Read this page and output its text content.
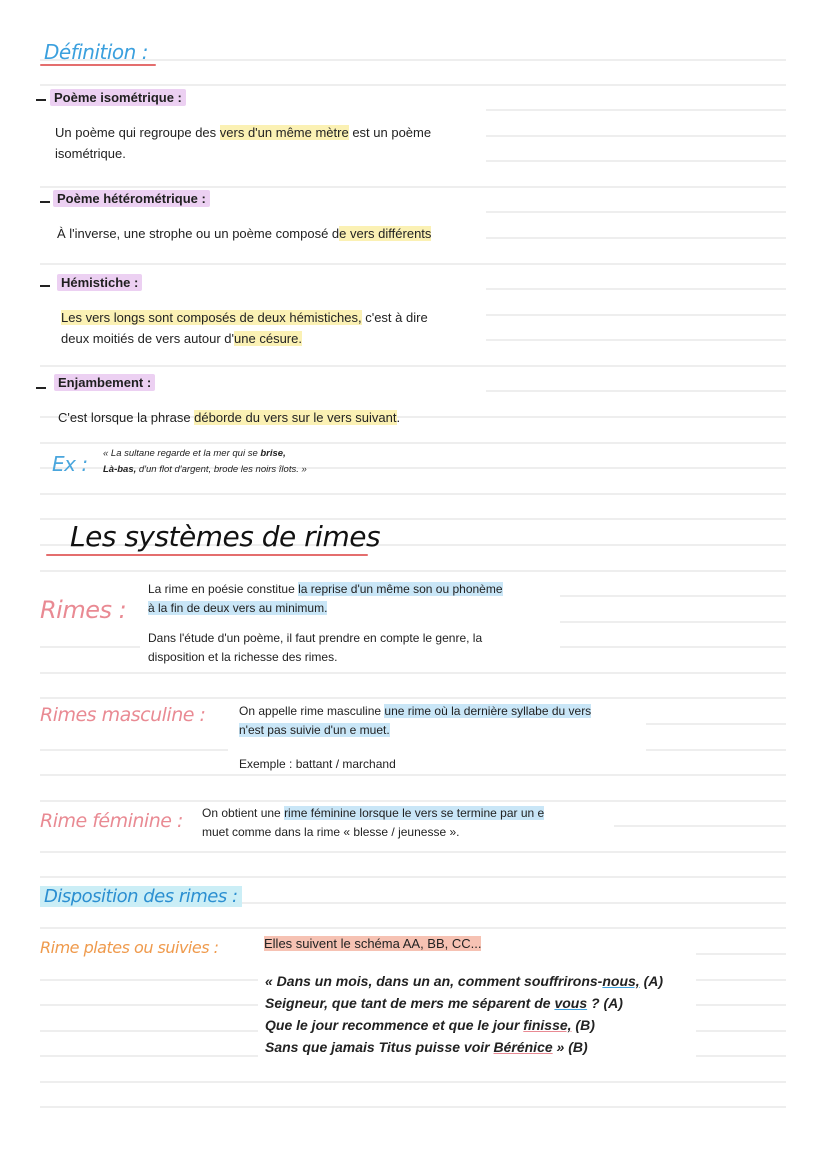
Définition :
Poème isométrique :
Un poème qui regroupe des vers d'un même mètre est un poème
isométrique.
Poème hétérométrique :
À l'inverse, une strophe ou un poème composé de vers différents
Hémistiche :
Les vers longs sont composés de deux hémistiches, c'est à dire
deux moitiés de vers autour d'une césure.
Enjambement :
C'est lorsque la phrase déborde du vers sur le vers suivant.
Ex : « La sultane regarde et la mer qui se brise,
Là-bas, d'un flot d'argent, brode les noirs îlots. »
Les systèmes de rimes
Rimes :
La rime en poésie constitue la reprise d'un même son ou phonème
à la fin de deux vers au minimum.
Dans l'étude d'un poème, il faut prendre en compte le genre, la
disposition et la richesse des rimes.
Rimes masculine :	On appelle rime masculine une rime où la dernière syllabe du vers
n'est pas suivie d'un e muet.
Exemple : battant / marchand
Rime féminine : On obtient une rime féminine lorsque le vers se termine par un e
muet comme dans la rime « blesse / jeunesse ».
Disposition des rimes :
Rime plates ou suivies :	Elles suivent le schéma AA, BB, CC...
« Dans un mois, dans un an, comment souffrirons-nous, (A)
Seigneur, que tant de mers me séparent de vous ? (A)
Que le jour recommence et que le jour finisse, (B)
Sans que jamais Titus puisse voir Bérénice » (B)
